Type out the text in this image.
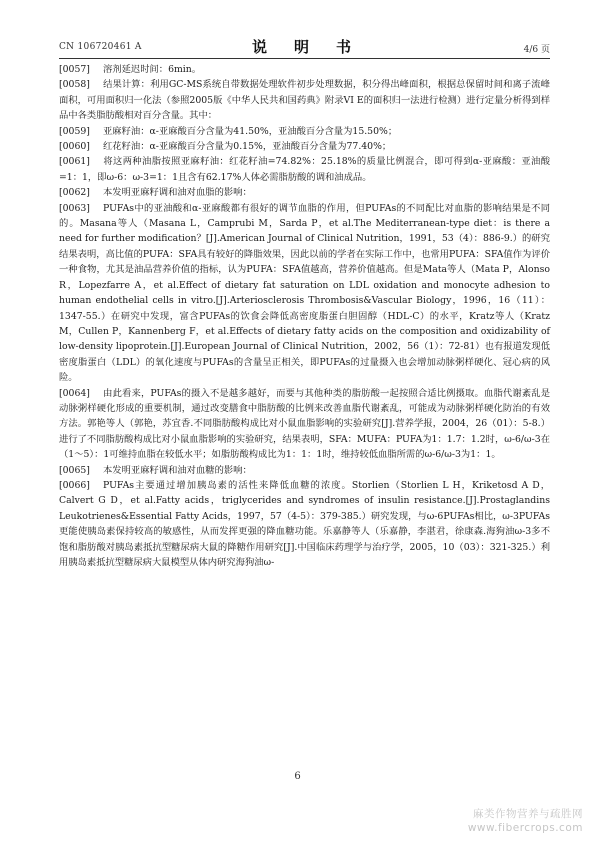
CN 106720461 A	说　明　书	4/6 页

[0057] 溶剂延迟时间：6min。

[0058] 结果计算：利用GC-MS系统自带数据处理软件初步处理数据，积分得出峰面积，根据总保留时间和离子流峰面积，可用面积归一化法（参照2005版《中华人民共和国药典》附录VI E的面积归一法进行检测）进行定量分析得到样品中各类脂肪酸相对百分含量。其中：

[0059] 亚麻籽油：α-亚麻酸百分含量为41.50%，亚油酸百分含量为15.50%；

[0060] 红花籽油：α-亚麻酸百分含量为0.15%，亚油酸百分含量为77.40%；

[0061] 将这两种油脂按照亚麻籽油：红花籽油=74.82%：25.18%的质量比例混合，即可得到α-亚麻酸：亚油酸=1：1，即ω-6：ω-3=1：1且含有62.17%人体必需脂肪酸的调和油成品。

[0062] 本发明亚麻籽调和油对血脂的影响：

[0063] PUFAs中的亚油酸和α-亚麻酸都有很好的调节血脂的作用，但PUFAs的不同配比对血脂的影响结果是不同的。Masana等人（Masana L，Camprubi M，Sarda P，et al.The Mediterranean-type diet：is there a need for further modification？[J].American Journal of Clinical Nutrition，1991，53（4）：886-9.）的研究结果表明，高比值的PUFA：SFA具有较好的降脂效果，因此以前的学者在实际工作中，也常用PUFA：SFA值作为评价一种食物，尤其是油品营养价值的指标，认为PUFA：SFA值越高，营养价值越高。但是Mata等人（Mata P，Alonso R，Lopezfarre A，et al.Effect of dietary fat saturation on LDL oxidation and monocyte adhesion to human endothelial cells in vitro.[J].Arteriosclerosis Thrombosis&Vascular Biology，1996，16（11）：1347-55.）在研究中发现，富含PUFAs的饮食会降低高密度脂蛋白胆固醇（HDL-C）的水平，Kratz等人（Kratz M，Cullen P，Kannenberg F，et al.Effects of dietary fatty acids on the composition and oxidizability of low-density lipoprotein.[J].European Journal of Clinical Nutrition，2002，56（1）：72-81）也有报道发现低密度脂蛋白（LDL）的氧化速度与PUFAs的含量呈正相关，即PUFAs的过量摄入也会增加动脉粥样硬化、冠心病的风险。

[0064] 由此看来，PUFAs的摄入不是越多越好，而要与其他种类的脂肪酸一起按照合适比例摄取。血脂代谢紊乱是动脉粥样硬化形成的重要机制，通过改变膳食中脂肪酸的比例来改善血脂代谢紊乱，可能成为动脉粥样硬化防治的有效方法。郭艳等人（郭艳，苏宜香.不同脂肪酸构成比对小鼠血脂影响的实验研究[J].营养学报，2004，26（01）：5-8.）进行了不同脂肪酸构成比对小鼠血脂影响的实验研究，结果表明，SFA：MUFA：PUFA为1：1.7：1.2时，ω-6/ω-3在（1～5）：1可维持血脂在较低水平；如脂肪酸构成比为1：1：1时，维持较低血脂所需的ω-6/ω-3为1：1。

[0065] 本发明亚麻籽调和油对血糖的影响：

[0066] PUFAs主要通过增加胰岛素的活性来降低血糖的浓度。Storlien（Storlien L H，Kriketosd A D，Calvert G D，et al.Fatty acids，triglycerides and syndromes of insulin resistance.[J].Prostaglandins Leukotrienes&Essential Fatty Acids，1997，57（4-5）：379-385.）研究发现，与ω-6PUFAs相比，ω-3PUFAs更能使胰岛素保持较高的敏感性，从而发挥更强的降血糖功能。乐嘉静等人（乐嘉静，李湛君，徐康森.海狗油ω-3多不饱和脂肪酸对胰岛素抵抗型糖尿病大鼠的降糖作用研究[J].中国临床药理学与治疗学，2005，10（03）：321-325.）利用胰岛素抵抗型糖尿病大鼠模型从体内研究海狗油ω-

6
麻类作物营养与疏胜网
www.fibercrops.com
